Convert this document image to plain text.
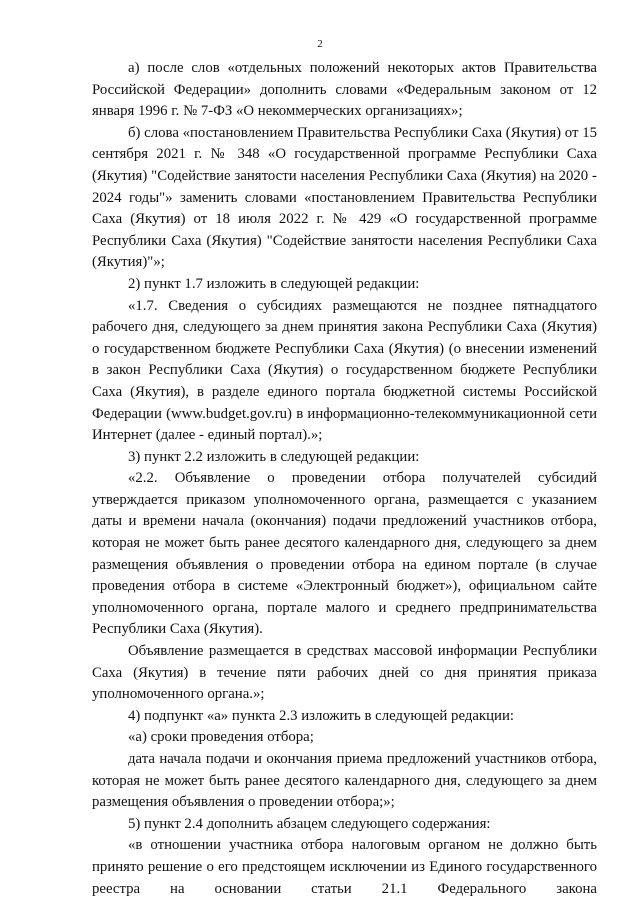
2

а) после слов «отдельных положений некоторых актов Правительства Российской Федерации» дополнить словами «Федеральным законом от 12 января 1996 г. № 7-ФЗ «О некоммерческих организациях»;

б) слова «постановлением Правительства Республики Саха (Якутия) от 15 сентября 2021 г. № 348 «О государственной программе Республики Саха (Якутия) "Содействие занятости населения Республики Саха (Якутия) на 2020 - 2024 годы"» заменить словами «постановлением Правительства Республики Саха (Якутия) от 18 июля 2022 г. № 429 «О государственной программе Республики Саха (Якутия) "Содействие занятости населения Республики Саха (Якутия)"»;

2) пункт 1.7 изложить в следующей редакции:

«1.7. Сведения о субсидиях размещаются не позднее пятнадцатого рабочего дня, следующего за днем принятия закона Республики Саха (Якутия) о государственном бюджете Республики Саха (Якутия) (о внесении изменений в закон Республики Саха (Якутия) о государственном бюджете Республики Саха (Якутия), в разделе единого портала бюджетной системы Российской Федерации (www.budget.gov.ru) в информационно-телекоммуникационной сети Интернет (далее - единый портал).»;

3) пункт 2.2 изложить в следующей редакции:

«2.2. Объявление о проведении отбора получателей субсидий утверждается приказом уполномоченного органа, размещается с указанием даты и времени начала (окончания) подачи предложений участников отбора, которая не может быть ранее десятого календарного дня, следующего за днем размещения объявления о проведении отбора на едином портале (в случае проведения отбора в системе «Электронный бюджет»), официальном сайте уполномоченного органа, портале малого и среднего предпринимательства Республики Саха (Якутия).

Объявление размещается в средствах массовой информации Республики Саха (Якутия) в течение пяти рабочих дней со дня принятия приказа уполномоченного органа.»;

4) подпункт «а» пункта 2.3 изложить в следующей редакции:

«а) сроки проведения отбора;

дата начала подачи и окончания приема предложений участников отбора, которая не может быть ранее десятого календарного дня, следующего за днем размещения объявления о проведении отбора;»;

5) пункт 2.4 дополнить абзацем следующего содержания:

«в отношении участника отбора налоговым органом не должно быть принято решение о его предстоящем исключении из Единого государственного реестра на основании статьи 21.1 Федерального закона
